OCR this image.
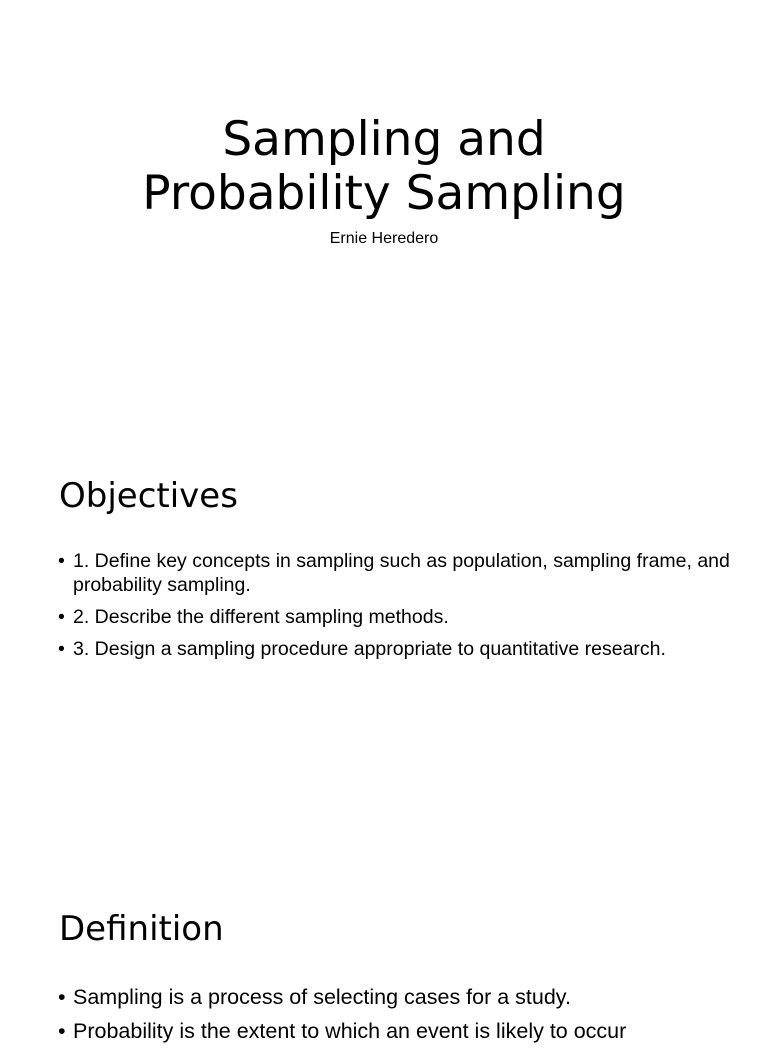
Sampling and
Probability Sampling
Ernie Heredero
Objectives
• 1. Define key concepts in sampling such as population, sampling frame, and probability sampling.
• 2. Describe the different sampling methods.
• 3. Design a sampling procedure appropriate to quantitative research.
Definition
• Sampling is a process of selecting cases for a study.
• Probability is the extent to which an event is likely to occur
